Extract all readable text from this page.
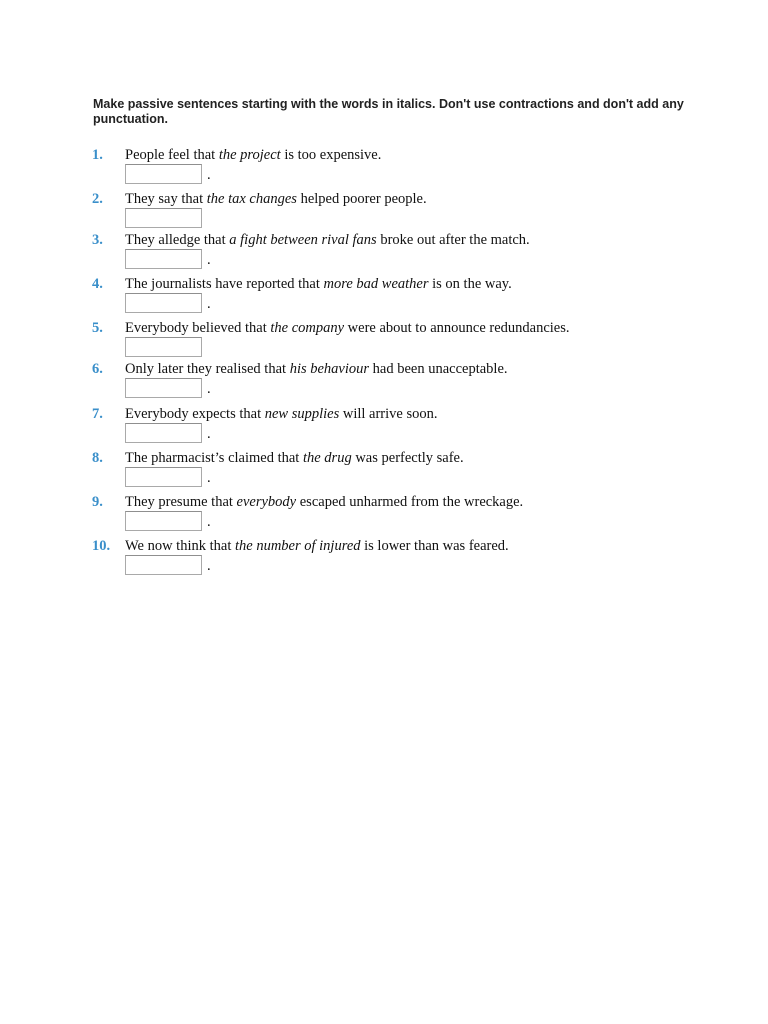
Make passive sentences starting with the words in italics. Don't use contractions and don't add any punctuation.
1. People feel that the project is too expensive.
.
2. They say that the tax changes helped poorer people.
3. They alledge that a fight between rival fans broke out after the match.
.
4. The journalists have reported that more bad weather is on the way.
.
5. Everybody believed that the company were about to announce redundancies.
6. Only later they realised that his behaviour had been unacceptable.
.
7. Everybody expects that new supplies will arrive soon.
.
8. The pharmacist’s claimed that the drug was perfectly safe.
.
9. They presume that everybody escaped unharmed from the wreckage.
.
10. We now think that the number of injured is lower than was feared.
.
